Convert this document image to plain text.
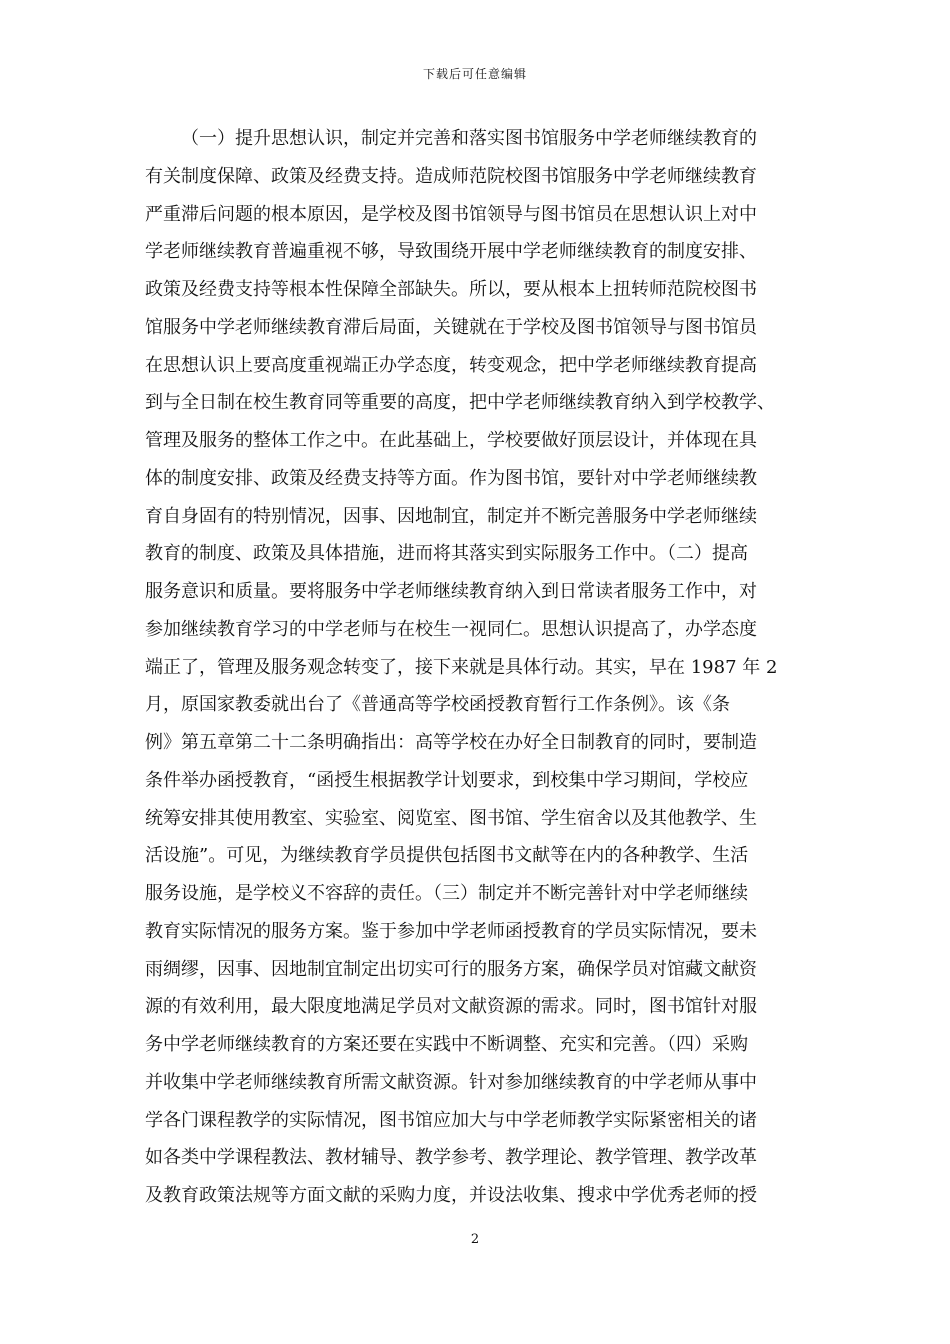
下载后可任意编辑
（一）提升思想认识，制定并完善和落实图书馆服务中学老师继续教育的
有关制度保障、政策及经费支持。造成师范院校图书馆服务中学老师继续教育
严重滞后问题的根本原因，是学校及图书馆领导与图书馆员在思想认识上对中
学老师继续教育普遍重视不够，导致围绕开展中学老师继续教育的制度安排、
政策及经费支持等根本性保障全部缺失。所以，要从根本上扭转师范院校图书
馆服务中学老师继续教育滞后局面，关键就在于学校及图书馆领导与图书馆员
在思想认识上要高度重视端正办学态度，转变观念，把中学老师继续教育提高
到与全日制在校生教育同等重要的高度，把中学老师继续教育纳入到学校教学、
管理及服务的整体工作之中。在此基础上，学校要做好顶层设计，并体现在具
体的制度安排、政策及经费支持等方面。作为图书馆，要针对中学老师继续教
育自身固有的特别情况，因事、因地制宜，制定并不断完善服务中学老师继续
教育的制度、政策及具体措施，进而将其落实到实际服务工作中。（二）提高
服务意识和质量。要将服务中学老师继续教育纳入到日常读者服务工作中，对
参加继续教育学习的中学老师与在校生一视同仁。思想认识提高了，办学态度
端正了，管理及服务观念转变了，接下来就是具体行动。其实，早在 1987 年 2
月，原国家教委就出台了《普通高等学校函授教育暂行工作条例》。该《条
例》第五章第二十二条明确指出：高等学校在办好全日制教育的同时，要制造
条件举办函授教育，“函授生根据教学计划要求，到校集中学习期间，学校应
统筹安排其使用教室、实验室、阅览室、图书馆、学生宿舍以及其他教学、生
活设施”。可见，为继续教育学员提供包括图书文献等在内的各种教学、生活
服务设施，是学校义不容辞的责任。（三）制定并不断完善针对中学老师继续
教育实际情况的服务方案。鉴于参加中学老师函授教育的学员实际情况，要未
雨绸缪，因事、因地制宜制定出切实可行的服务方案，确保学员对馆藏文献资
源的有效利用，最大限度地满足学员对文献资源的需求。同时，图书馆针对服
务中学老师继续教育的方案还要在实践中不断调整、充实和完善。（四）采购
并收集中学老师继续教育所需文献资源。针对参加继续教育的中学老师从事中
学各门课程教学的实际情况，图书馆应加大与中学老师教学实际紧密相关的诸
如各类中学课程教法、教材辅导、教学参考、教学理论、教学管理、教学改革
及教育政策法规等方面文献的采购力度，并设法收集、搜求中学优秀老师的授
2
